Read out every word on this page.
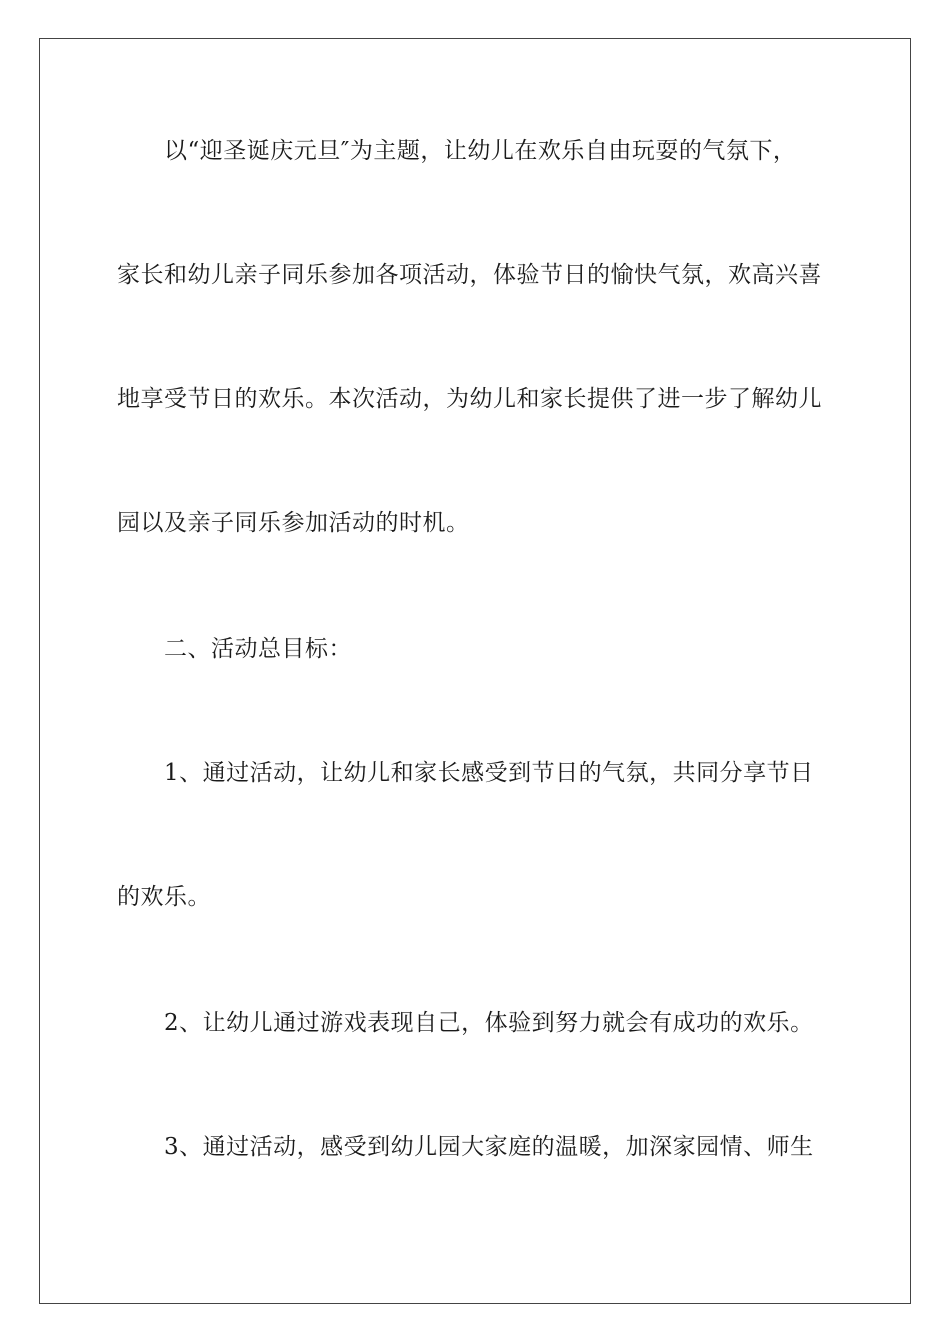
以“迎圣诞庆元旦″为主题，让幼儿在欢乐自由玩耍的气氛下，
家长和幼儿亲子同乐参加各项活动，体验节日的愉快气氛，欢高兴喜
地享受节日的欢乐。本次活动，为幼儿和家长提供了进一步了解幼儿
园以及亲子同乐参加活动的时机。
二、活动总目标：
1、通过活动，让幼儿和家长感受到节日的气氛，共同分享节日
的欢乐。
2、让幼儿通过游戏表现自己，体验到努力就会有成功的欢乐。
3、通过活动，感受到幼儿园大家庭的温暖，加深家园情、师生
